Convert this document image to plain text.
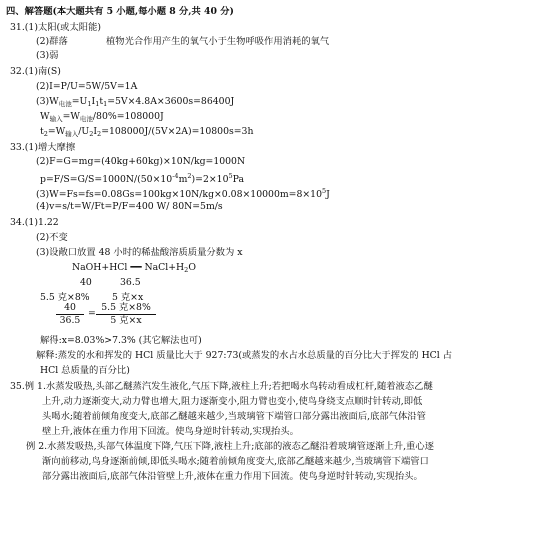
四、解答题(本大题共有 5 小题,每小题 8 分,共 40 分)
31.(1)太阳(或太阳能)
(2)群落	植物光合作用产生的氧气小于生物呼吸作用消耗的氧气
(3)弱
32.(1)南(S)
(2)I=P/U=5W/5V=1A
$(3)W_{电池}=U_1I_1t_1=5V\times 4.8A\times 3600s=86400J$
$W_{输入}=W_{电池}/80\%=108000J$
$t_2=W_{输入}/U_2I_2=108000J/(5V\times 2A)=10800s=3h$
33.(1)增大摩擦
(2)F=G=mg=(40kg+60kg)×10N/kg=1000N
$p=F/S=G/S=1000N/(50\times 10^{-4}m^2)=2\times 10^5Pa$
$(3)W=Fs=fs=0.08Gs=100kg\times 10N/kg\times 0.08\times 10000m=8\times 10^5J$
(4)v=s/t=W/Ft=P/F=400 W/ 80N=5m/s
34.(1)1.22
(2)不变
(3)设敞口放置 48 小时的稀盐酸溶质质量分数为 x
NaOH+HCl ━━ $NaCl+H_2O$
40	36.5
5.5 克×8% 5 克×x
$\frac{40}{36.5}$ =
5.5 克×8%
5 克×x
解得:x=8.03%>7.3% (其它解法也可)
解释:蒸发的水和挥发的 HCl 质量比大于 927:73(或蒸发的水占水总质量的百分比大于挥发的 HCl 占
HCl 总质量的百分比)
35.例 1.水蒸发吸热,头部乙醚蒸汽发生液化,气压下降,液柱上升;若把喝水鸟转动看成杠杆,随着液态乙醚
上升,动力逐渐变大,动力臂也增大,阻力逐渐变小,阻力臂也变小,使鸟身绕支点顺时针转动,即低
头喝水;随着前倾角度变大,底部乙醚越来越少,当玻璃管下端管口部分露出液面后,底部气体沿管
壁上升,液体在重力作用下回流。使鸟身逆时针转动,实现抬头。
例 2.水蒸发吸热,头部气体温度下降,气压下降,液柱上升;底部的液态乙醚沿着玻璃管逐渐上升,重心逐
渐向前移动,鸟身逐渐前倾,即低头喝水;随着前倾角度变大,底部乙醚越来越少,当玻璃管下端管口
部分露出液面后,底部气体沿管壁上升,液体在重力作用下回流。使鸟身逆时针转动,实现抬头。
